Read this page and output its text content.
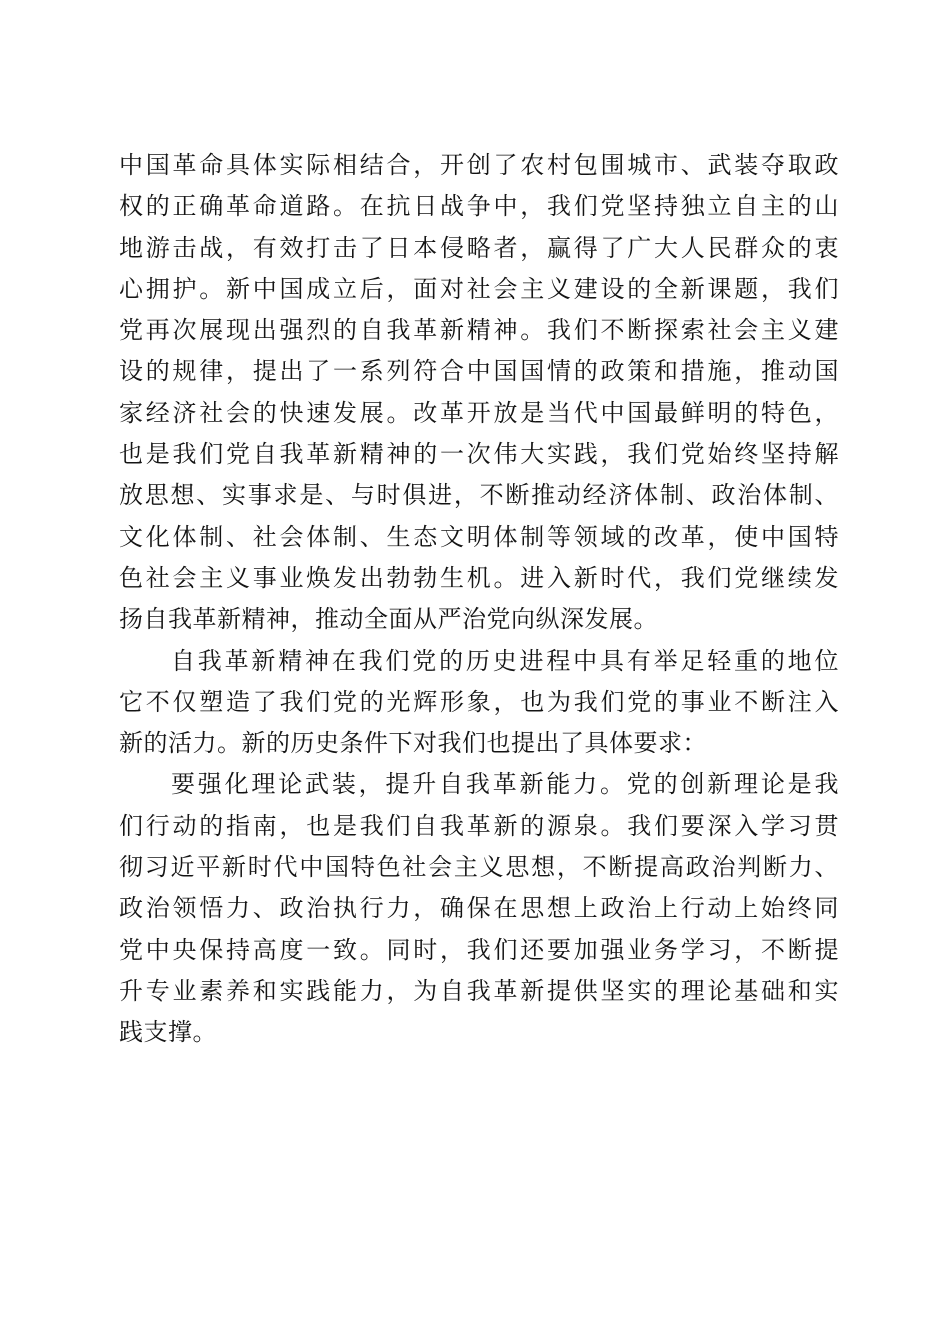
中国革命具体实际相结合，开创了农村包围城市、武装夺取政
权的正确革命道路。在抗日战争中，我们党坚持独立自主的山
地游击战，有效打击了日本侵略者，赢得了广大人民群众的衷
心拥护。新中国成立后，面对社会主义建设的全新课题，我们
党再次展现出强烈的自我革新精神。我们不断探索社会主义建
设的规律，提出了一系列符合中国国情的政策和措施，推动国
家经济社会的快速发展。改革开放是当代中国最鲜明的特色，
也是我们党自我革新精神的一次伟大实践，我们党始终坚持解
放思想、实事求是、与时俱进，不断推动经济体制、政治体制、
文化体制、社会体制、生态文明体制等领域的改革，使中国特
色社会主义事业焕发出勃勃生机。进入新时代，我们党继续发
扬自我革新精神，推动全面从严治党向纵深发展。
自我革新精神在我们党的历史进程中具有举足轻重的地位
它不仅塑造了我们党的光辉形象，也为我们党的事业不断注入
新的活力。新的历史条件下对我们也提出了具体要求：
要强化理论武装，提升自我革新能力。党的创新理论是我
们行动的指南，也是我们自我革新的源泉。我们要深入学习贯
彻习近平新时代中国特色社会主义思想，不断提高政治判断力、
政治领悟力、政治执行力，确保在思想上政治上行动上始终同
党中央保持高度一致。同时，我们还要加强业务学习，不断提
升专业素养和实践能力，为自我革新提供坚实的理论基础和实
践支撑。
